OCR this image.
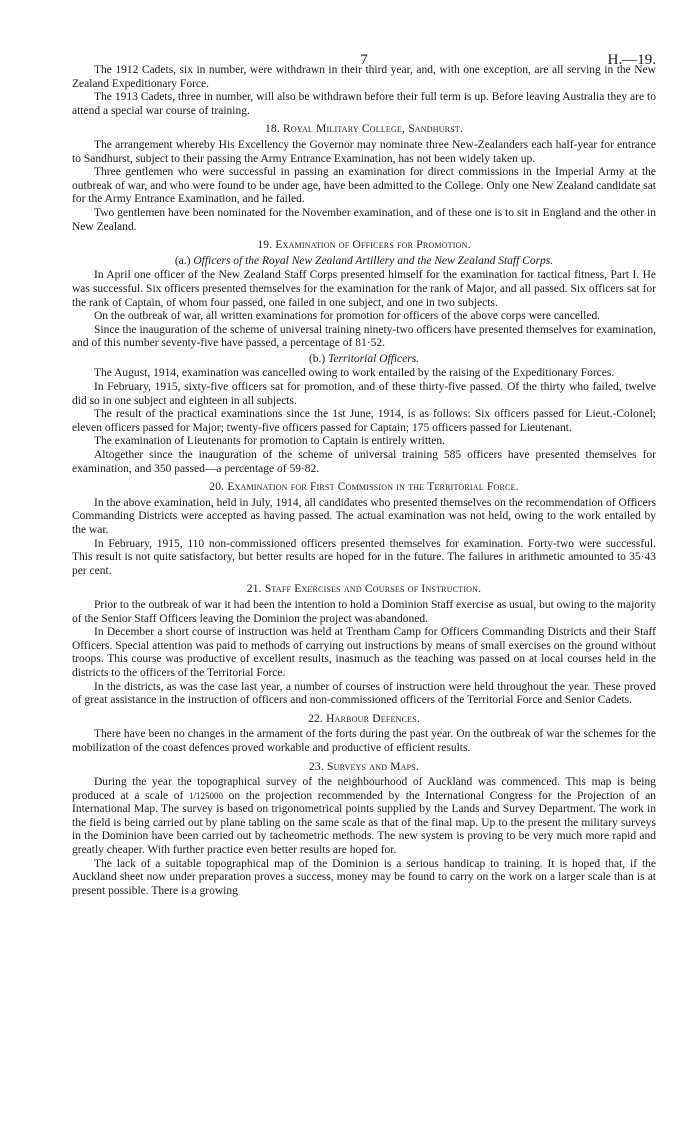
7	H.—19.

The 1912 Cadets, six in number, were withdrawn in their third year, and, with one exception, are all serving in the New Zealand Expeditionary Force.

The 1913 Cadets, three in number, will also be withdrawn before their full term is up. Before leaving Australia they are to attend a special war course of training.

18. Royal Military College, Sandhurst.

The arrangement whereby His Excellency the Governor may nominate three New-Zealanders each half-year for entrance to Sandhurst, subject to their passing the Army Entrance Examination, has not been widely taken up.

Three gentlemen who were successful in passing an examination for direct commissions in the Imperial Army at the outbreak of war, and who were found to be under age, have been admitted to the College. Only one New Zealand candidate sat for the Army Entrance Examination, and he failed.

Two gentlemen have been nominated for the November examination, and of these one is to sit in England and the other in New Zealand.

19. Examination of Officers for Promotion.
(a.) Officers of the Royal New Zealand Artillery and the New Zealand Staff Corps.

In April one officer of the New Zealand Staff Corps presented himself for the examination for tactical fitness, Part I. He was successful. Six officers presented themselves for the examination for the rank of Major, and all passed. Six officers sat for the rank of Captain, of whom four passed, one failed in one subject, and one in two subjects.

On the outbreak of war, all written examinations for promotion for officers of the above corps were cancelled.

Since the inauguration of the scheme of universal training ninety-two officers have presented themselves for examination, and of this number seventy-five have passed, a percentage of 81·52.

(b.) Territorial Officers.

The August, 1914, examination was cancelled owing to work entailed by the raising of the Expeditionary Forces.

In February, 1915, sixty-five officers sat for promotion, and of these thirty-five passed. Of the thirty who failed, twelve did so in one subject and eighteen in all subjects.

The result of the practical examinations since the 1st June, 1914, is as follows: Six officers passed for Lieut.-Colonel; eleven officers passed for Major; twenty-five officers passed for Captain; 175 officers passed for Lieutenant.

The examination of Lieutenants for promotion to Captain is entirely written.

Altogether since the inauguration of the scheme of universal training 585 officers have presented themselves for examination, and 350 passed—a percentage of 59·82.

20. Examination for First Commission in the Territorial Force.

In the above examination, held in July, 1914, all candidates who presented themselves on the recommendation of Officers Commanding Districts were accepted as having passed. The actual examination was not held, owing to the work entailed by the war.

In February, 1915, 110 non-commissioned officers presented themselves for examination. Forty-two were successful. This result is not quite satisfactory, but better results are hoped for in the future. The failures in arithmetic amounted to 35·43 per cent.

21. Staff Exercises and Courses of Instruction.

Prior to the outbreak of war it had been the intention to hold a Dominion Staff exercise as usual, but owing to the majority of the Senior Staff Officers leaving the Dominion the project was abandoned.

In December a short course of instruction was held at Trentham Camp for Officers Commanding Districts and their Staff Officers. Special attention was paid to methods of carrying out instructions by means of small exercises on the ground without troops. This course was productive of excellent results, inasmuch as the teaching was passed on at local courses held in the districts to the officers of the Territorial Force.

In the districts, as was the case last year, a number of courses of instruction were held throughout the year. These proved of great assistance in the instruction of officers and non-commissioned officers of the Territorial Force and Senior Cadets.

22. Harbour Defences.

There have been no changes in the armament of the forts during the past year. On the outbreak of war the schemes for the mobilization of the coast defences proved workable and productive of efficient results.

23. Surveys and Maps.

During the year the topographical survey of the neighbourhood of Auckland was commenced. This map is being produced at a scale of 1/125000 on the projection recommended by the International Congress for the Projection of an International Map. The survey is based on trigonometrical points supplied by the Lands and Survey Department. The work in the field is being carried out by plane tabling on the same scale as that of the final map. Up to the present the military surveys in the Dominion have been carried out by tacheometric methods. The new system is proving to be very much more rapid and greatly cheaper. With further practice even better results are hoped for.

The lack of a suitable topographical map of the Dominion is a serious handicap to training. It is hoped that, if the Auckland sheet now under preparation proves a success, money may be found to carry on the work on a larger scale than is at present possible. There is a growing
